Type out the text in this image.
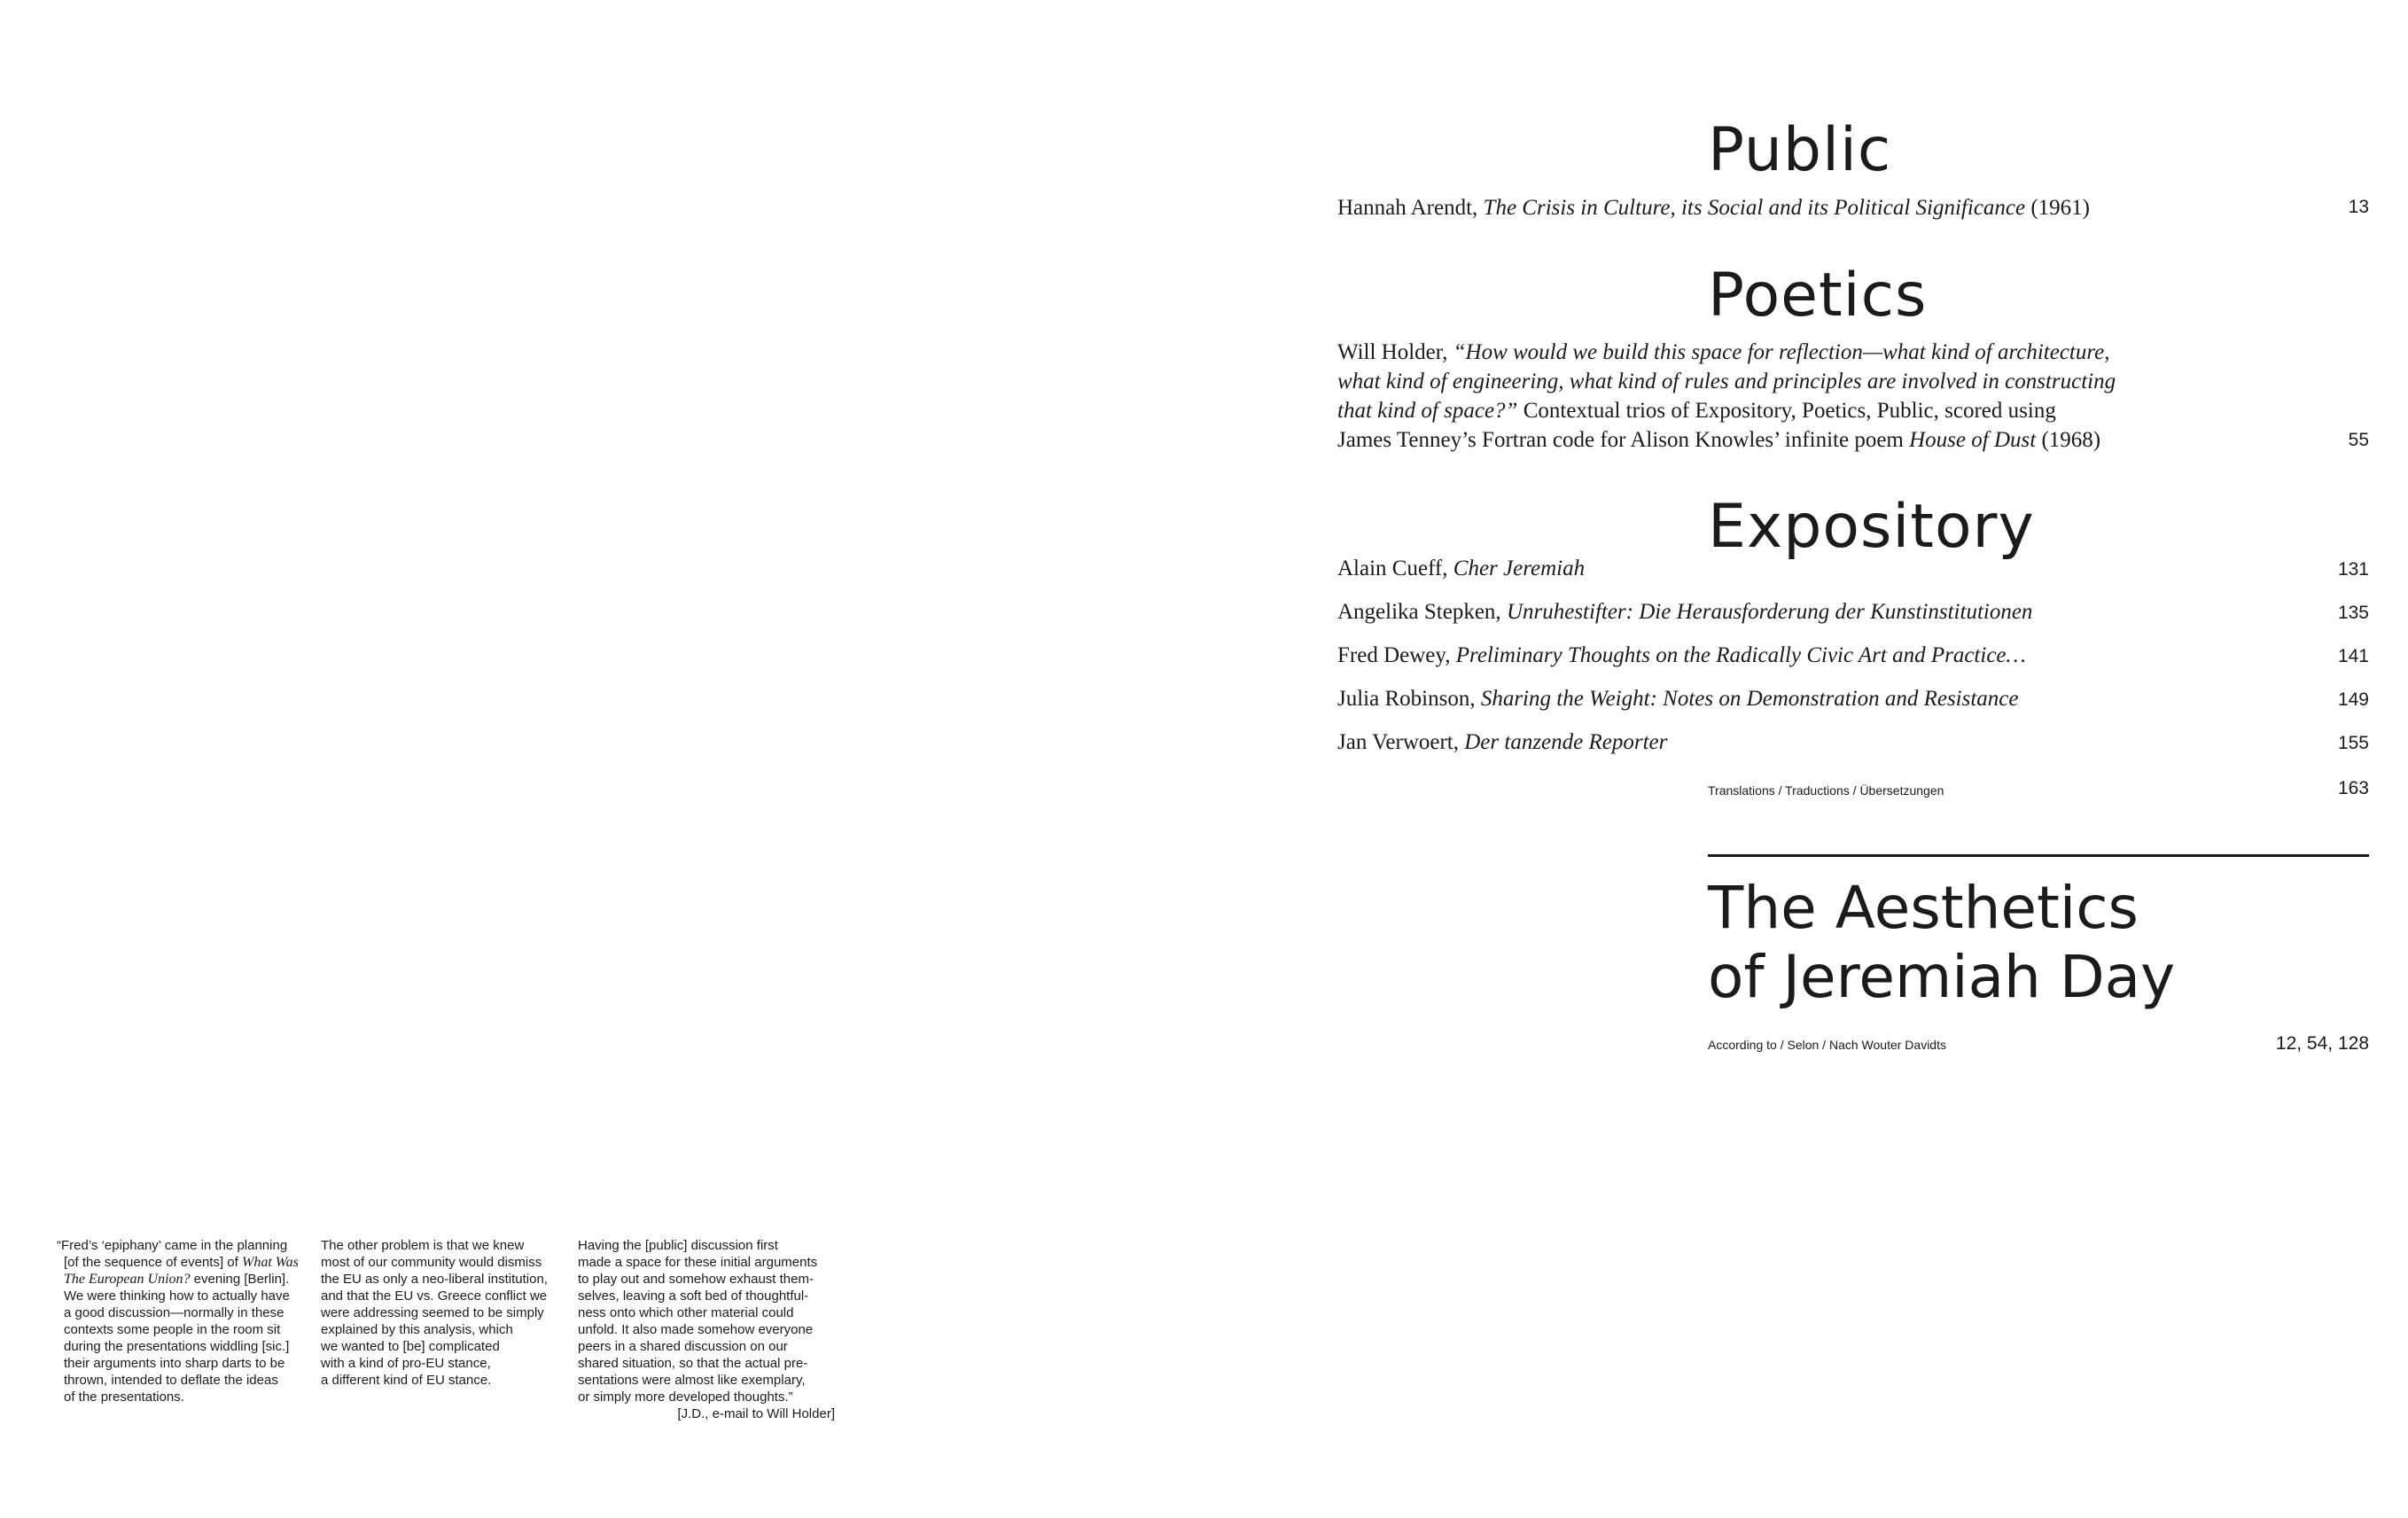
Public
Hannah Arendt, The Crisis in Culture, its Social and its Political Significance (1961)	13
Poetics
Will Holder, “How would we build this space for reflection—what kind of architecture,
what kind of engineering, what kind of rules and principles are involved in constructing
that kind of space?” Contextual trios of Expository, Poetics, Public, scored using
James Tenney’s Fortran code for Alison Knowles’ infinite poem House of Dust (1968)	55
Expository
Alain Cueff, Cher Jeremiah	131
Angelika Stepken, Unruhestifter: Die Herausforderung der Kunstinstitutionen	135
Fred Dewey, Preliminary Thoughts on the Radically Civic Art and Practice…	141
Julia Robinson, Sharing the Weight: Notes on Demonstration and Resistance	149
Jan Verwoert, Der tanzende Reporter	155
Translations / Traductions / Übersetzungen	163
The Aesthetics
of Jeremiah Day
According to / Selon / Nach Wouter Davidts	12, 54, 128
“Fred’s ‘epiphany’ came in the planning
[of the sequence of events] of What Was
The European Union? evening [Berlin].
We were thinking how to actually have
a good discussion—normally in these
contexts some people in the room sit
during the presentations widdling [sic.]
their arguments into sharp darts to be
thrown, intended to deflate the ideas
of the presentations.
The other problem is that we knew
most of our community would dismiss
the EU as only a neo-liberal institution,
and that the EU vs. Greece conflict we
were addressing seemed to be simply
explained by this analysis, which
we wanted to [be] complicated
with a kind of pro-EU stance,
a different kind of EU stance.
Having the [public] discussion first
made a space for these initial arguments
to play out and somehow exhaust them-
selves, leaving a soft bed of thoughtful-
ness onto which other material could
unfold. It also made somehow everyone
peers in a shared discussion on our
shared situation, so that the actual pre-
sentations were almost like exemplary,
or simply more developed thoughts.”
[J.D., e-mail to Will Holder]
